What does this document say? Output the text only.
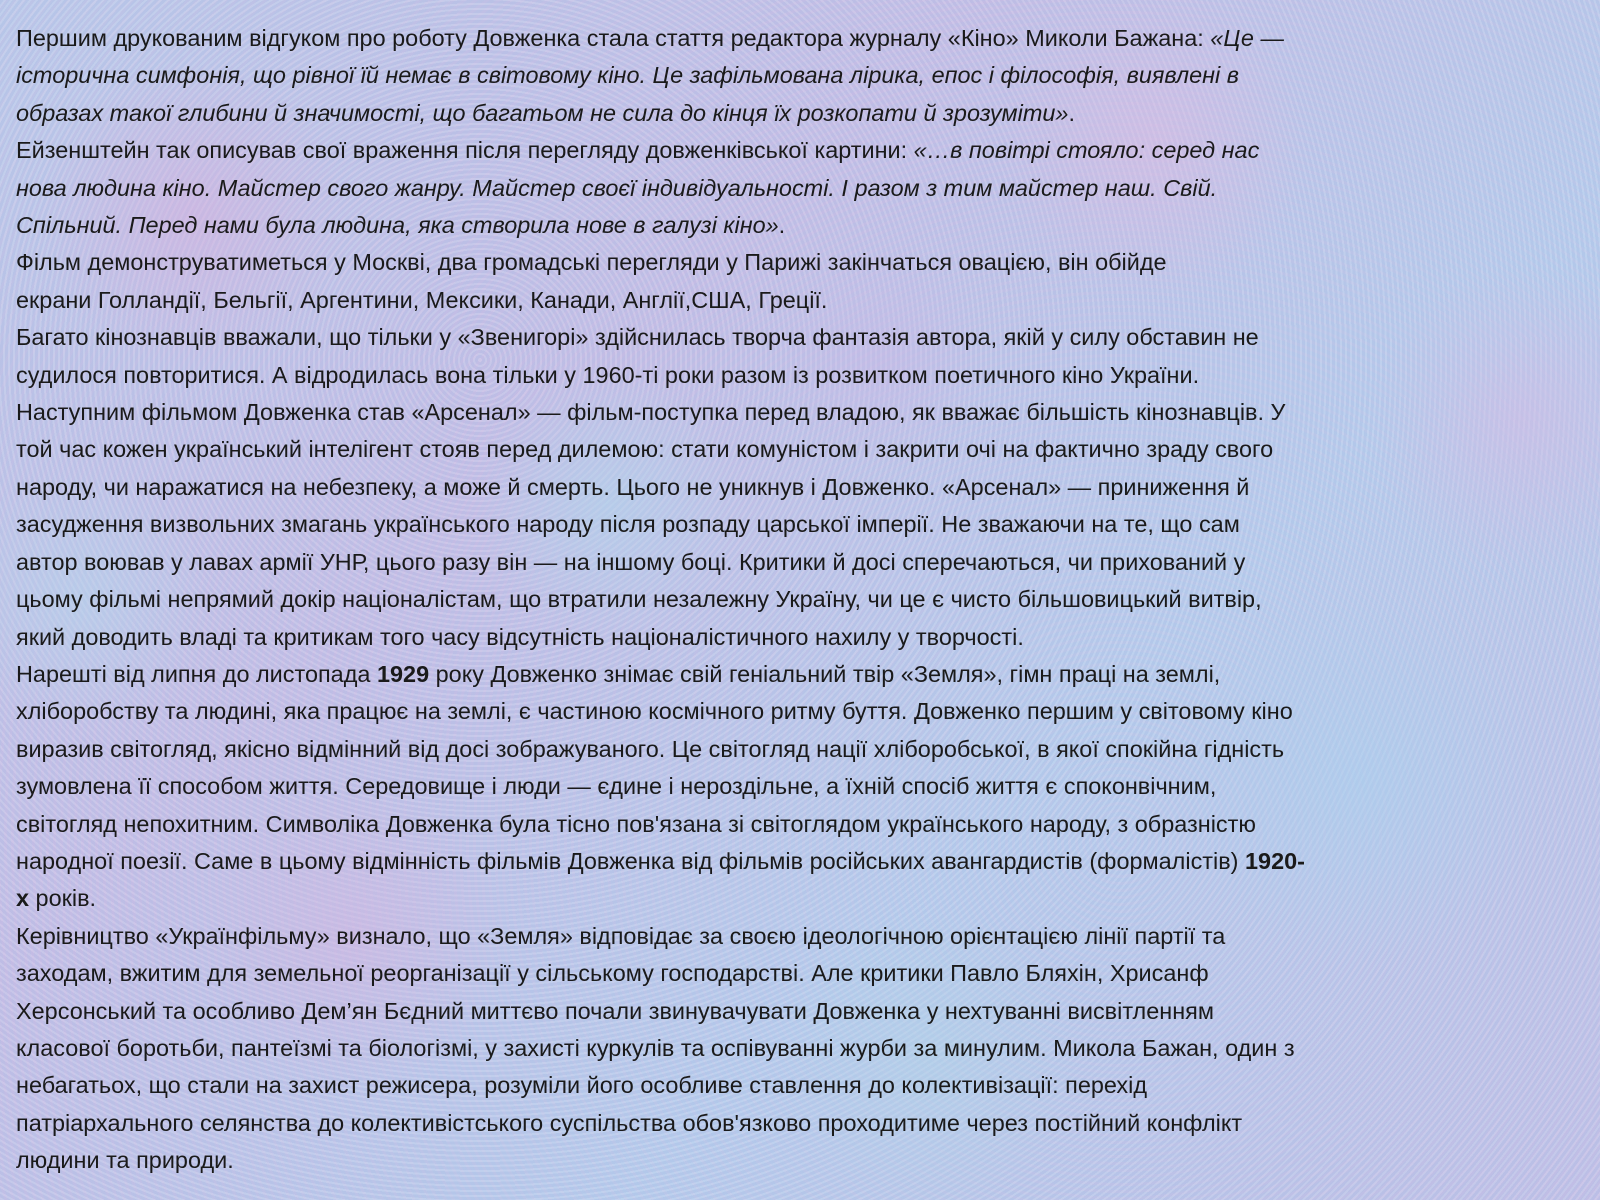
Першим друкованим відгуком про роботу Довженка стала стаття редактора журналу «Кіно» Миколи Бажана: «Це —

історична симфонія, що рівної їй немає в світовому кіно. Це зафільмована лірика, епос і філософія, виявлені в

образах такої глибини й значимості, що багатьом не сила до кінця їх розкопати й зрозуміти».

Ейзенштейн так описував свої враження після перегляду довженківської картини: «…в повітрі стояло: серед нас

нова людина кіно. Майстер свого жанру. Майстер своєї індивідуальності. І разом з тим майстер наш. Свій.

Спільний. Перед нами була людина, яка створила нове в галузі кіно».

Фільм демонструватиметься у Москві, два громадські перегляди у Парижі закінчаться овацією, він обійде

екрани Голландії, Бельгії, Аргентини, Мексики, Канади, Англії,США, Греції.

Багато кінознавців вважали, що тільки у «Звенигорі» здійснилась творча фантазія автора, якій у силу обставин не

судилося повторитися. А відродилась вона тільки у 1960-ті роки разом із розвитком поетичного кіно України.

Наступним фільмом Довженка став «Арсенал» — фільм-поступка перед владою, як вважає більшість кінознавців. У

той час кожен український інтелігент стояв перед дилемою: стати комуністом і закрити очі на фактично зраду свого

народу, чи наражатися на небезпеку, а може й смерть. Цього не уникнув і Довженко. «Арсенал» — приниження й

засудження визвольних змагань українського народу після розпаду царської імперії. Не зважаючи на те, що сам

автор воював у лавах армії УНР, цього разу він — на іншому боці. Критики й досі сперечаються, чи прихований у

цьому фільмі непрямий докір націоналістам, що втратили незалежну Україну, чи це є чисто більшовицький витвір,

який доводить владі та критикам того часу відсутність націоналістичного нахилу у творчості.

Нарешті від липня до листопада 1929 року Довженко знімає свій геніальний твір «Земля», гімн праці на землі,

хліборобству та людині, яка працює на землі, є частиною космічного ритму буття. Довженко першим у світовому кіно

виразив світогляд, якісно відмінний від досі зображуваного. Це світогляд нації хліборобської, в якої спокійна гідність

зумовлена її способом життя. Середовище і люди — єдине і нероздільне, а їхній спосіб життя є споконвічним,

світогляд непохитним. Символіка Довженка була тісно пов'язана зі світоглядом українського народу, з образністю

народної поезії. Саме в цьому відмінність фільмів Довженка від фільмів російських авангардистів (формалістів) 1920-

х років.

Керівництво «Українфільму» визнало, що «Земля» відповідає за своєю ідеологічною орієнтацією лінії партії та

заходам, вжитим для земельної реорганізації у сільському господарстві. Але критики Павло Бляхін, Хрисанф

Херсонський та особливо Дем’ян Бєдний миттєво почали звинувачувати Довженка у нехтуванні висвітленням

класової боротьби, пантеїзмі та біологізмі, у захисті куркулів та оспівуванні журби за минулим. Микола Бажан, один з

небагатьох, що стали на захист режисера, розуміли його особливе ставлення до колективізації: перехід

патріархального селянства до колективістського суспільства обов'язково проходитиме через постійний конфлікт

людини та природи.
